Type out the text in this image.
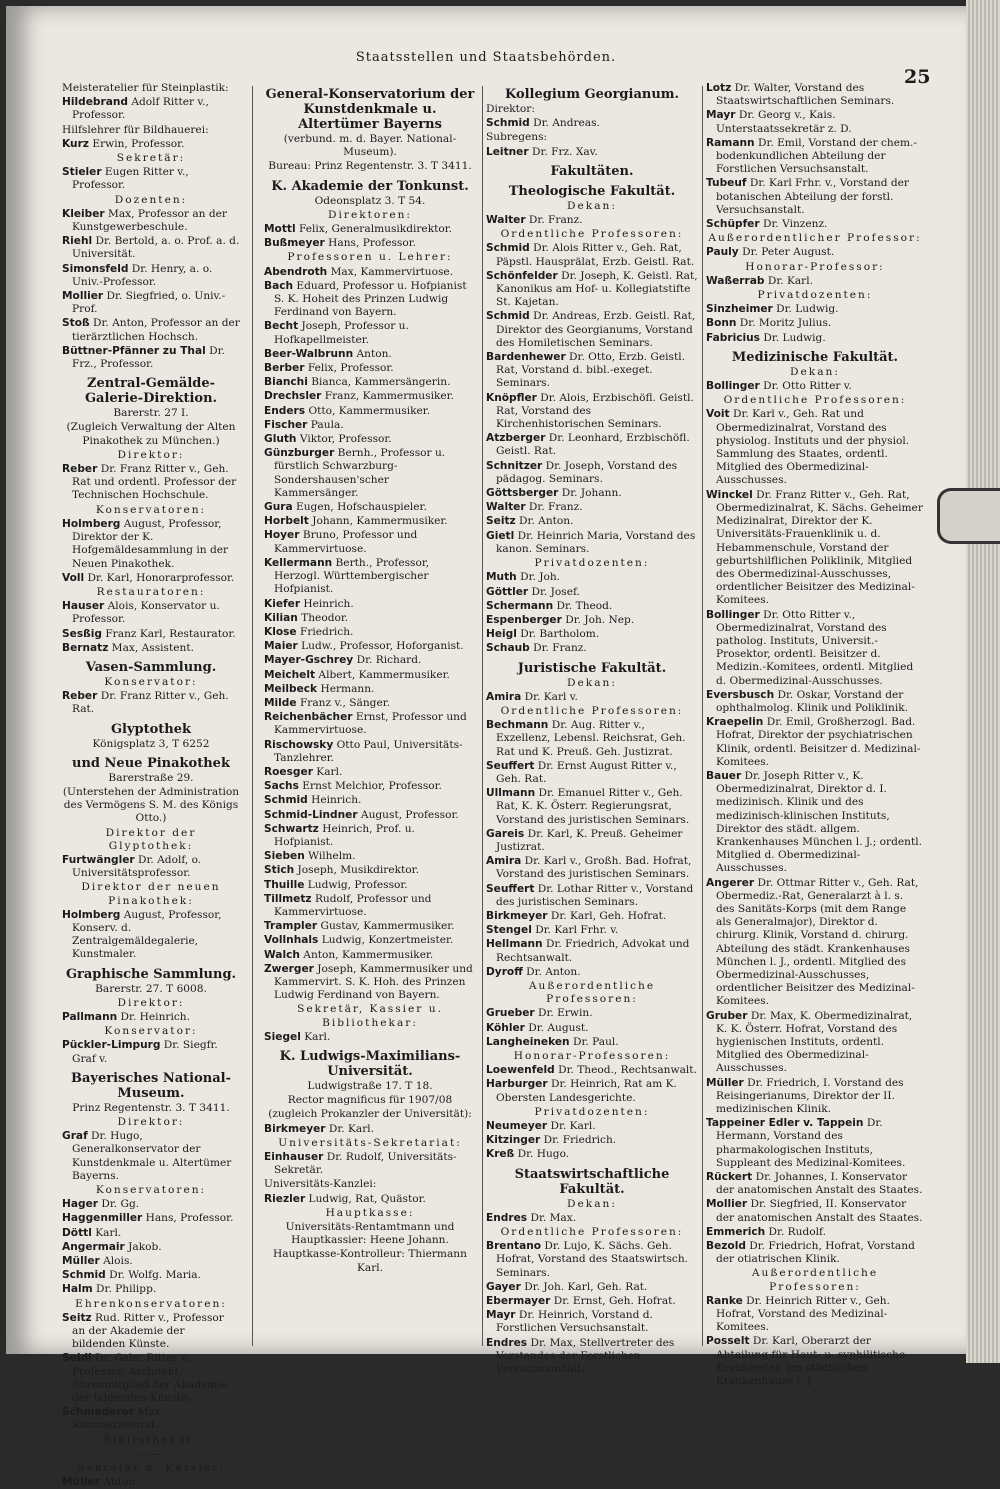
Staatsstellen und Staatsbehörden.
25
Meisteratelier für Steinplastik:
Hildebrand Adolf Ritter v., Professor.
Hilfslehrer für Bildhauerei:
Kurz Erwin, Professor.
Sekretär:
Stieler Eugen Ritter v., Professor.
Dozenten:
Kleiber Max, Professor an der Kunstgewerbeschule.
Riehl Dr. Bertold, a. o. Prof. a. d. Universität.
Simonsfeld Dr. Henry, a. o. Univ.-Professor.
Mollier Dr. Siegfried, o. Univ.-Prof.
Stoß Dr. Anton, Professor an der tierärztlichen Hochsch.
Büttner-Pfänner zu Thal Dr. Frz., Professor.
Zentral-Gemälde-Galerie-Direktion.
Barerstr. 27 I.
(Zugleich Verwaltung der Alten Pinakothek zu München.)
Direktor:
Reber Dr. Franz Ritter v., Geh. Rat und ordentl. Professor der Technischen Hochschule.
Konservatoren:
Holmberg August, Professor, Direktor der K. Hofgemäldesammlung in der Neuen Pinakothek.
Voll Dr. Karl, Honorarprofessor.
Restauratoren:
Hauser Alois, Konservator u. Professor.
Sesßig Franz Karl, Restaurator.
Bernatz Max, Assistent.
Vasen-Sammlung.
Konservator:
Reber Dr. Franz Ritter v., Geh. Rat.
Glyptothek
Königsplatz 3, T 6252
und Neue Pinakothek
Barerstraße 29.
(Unterstehen der Administration des Vermögens S. M. des Königs Otto.)
Direktor der Glyptothek:
Furtwängler Dr. Adolf, o. Universitätsprofessor.
Direktor der neuen Pinakothek:
Holmberg August, Professor, Konserv. d. Zentralgemäldegalerie, Kunstmaler.
Graphische Sammlung.
Barerstr. 27. T 6008.
Direktor:
Pallmann Dr. Heinrich.
Konservator:
Pückler-Limpurg Dr. Siegfr. Graf v.
Bayerisches National-Museum.
Prinz Regentenstr. 3. T 3411.
Direktor:
Graf Dr. Hugo, Generalkonservator der Kunstdenkmale u. Altertümer Bayerns.
Konservatoren:
Hager Dr. Gg.
Haggenmiller Hans, Professor.
Döttl Karl.
Angermair Jakob.
Müller Alois.
Schmid Dr. Wolfg. Maria.
Halm Dr. Philipp.
Ehrenkonservatoren:
Seitz Rud. Ritter v., Professor an der Akademie der bildenden Künste.
Seidl Dr. Gabr. Ritter v., Professor, Architekt, Ehrenmitglied der Akademie der bildenden Künste.
Schmederer Max, Kommerzienrat.
Bibliothekar:
— —
Sekretär u. Kassier:
Müller Anton.
General-Konservatorium der Kunstdenkmale u. Altertümer Bayerns
(verbund. m. d. Bayer. National-Museum).
Bureau: Prinz Regentenstr. 3. T 3411.
K. Akademie der Tonkunst.
Odeonsplatz 3. T 54.
Direktoren:
Mottl Felix, Generalmusikdirektor.
Bußmeyer Hans, Professor.
Professoren u. Lehrer:
Abendroth Max, Kammervirtuose.
Bach Eduard, Professor u. Hofpianist S. K. Hoheit des Prinzen Ludwig Ferdinand von Bayern.
Becht Joseph, Professor u. Hofkapellmeister.
Beer-Walbrunn Anton.
Berber Felix, Professor.
Bianchi Bianca, Kammersängerin.
Drechsler Franz, Kammermusiker.
Enders Otto, Kammermusiker.
Fischer Paula.
Gluth Viktor, Professor.
Günzburger Bernh., Professor u. fürstlich Schwarzburg-Sondershausen'scher Kammersänger.
Gura Eugen, Hofschauspieler.
Horbelt Johann, Kammermusiker.
Hoyer Bruno, Professor und Kammervirtuose.
Kellermann Berth., Professor, Herzogl. Württembergischer Hofpianist.
Kiefer Heinrich.
Kilian Theodor.
Klose Friedrich.
Maier Ludw., Professor, Hoforganist.
Mayer-Gschrey Dr. Richard.
Meichelt Albert, Kammermusiker.
Meilbeck Hermann.
Milde Franz v., Sänger.
Reichenbächer Ernst, Professor und Kammervirtuose.
Rischowsky Otto Paul, Universitäts-Tanzlehrer.
Roesger Karl.
Sachs Ernst Melchior, Professor.
Schmid Heinrich.
Schmid-Lindner August, Professor.
Schwartz Heinrich, Prof. u. Hofpianist.
Sieben Wilhelm.
Stich Joseph, Musikdirektor.
Thuille Ludwig, Professor.
Tillmetz Rudolf, Professor und Kammervirtuose.
Trampler Gustav, Kammermusiker.
Vollnhals Ludwig, Konzertmeister.
Walch Anton, Kammermusiker.
Zwerger Joseph, Kammermusiker und Kammervirt. S. K. Hoh. des Prinzen Ludwig Ferdinand von Bayern.
Sekretär, Kassier u. Bibliothekar:
Siegel Karl.
K. Ludwigs-Maximilians-Universität.
Ludwigstraße 17. T 18.
Rector magnificus für 1907/08
(zugleich Prokanzler der Universität):
Birkmeyer Dr. Karl.
Universitäts-Sekretariat:
Einhauser Dr. Rudolf, Universitäts-Sekretär.
Universitäts-Kanzlei:
Riezler Ludwig, Rat, Quästor.
Hauptkasse:
Universitäts-Rentamtmann und Hauptkassier: Heene Johann.
Hauptkasse-Kontrolleur: Thiermann Karl.
Kollegium Georgianum.
Direktor:
Schmid Dr. Andreas.
Subregens:
Leitner Dr. Frz. Xav.
Fakultäten.
Theologische Fakultät.
Dekan:
Walter Dr. Franz.
Ordentliche Professoren:
Schmid Dr. Alois Ritter v., Geh. Rat, Päpstl. Hausprälat, Erzb. Geistl. Rat.
Schönfelder Dr. Joseph, K. Geistl. Rat, Kanonikus am Hof- u. Kollegiatstifte St. Kajetan.
Schmid Dr. Andreas, Erzb. Geistl. Rat, Direktor des Georgianums, Vorstand des Homiletischen Seminars.
Bardenhewer Dr. Otto, Erzb. Geistl. Rat, Vorstand d. bibl.-exeget. Seminars.
Knöpfler Dr. Alois, Erzbischöfl. Geistl. Rat, Vorstand des Kirchenhistorischen Seminars.
Atzberger Dr. Leonhard, Erzbischöfl. Geistl. Rat.
Schnitzer Dr. Joseph, Vorstand des pädagog. Seminars.
Göttsberger Dr. Johann.
Walter Dr. Franz.
Seitz Dr. Anton.
Gietl Dr. Heinrich Maria, Vorstand des kanon. Seminars.
Privatdozenten:
Muth Dr. Joh.
Göttler Dr. Josef.
Schermann Dr. Theod.
Espenberger Dr. Joh. Nep.
Heigl Dr. Bartholom.
Schaub Dr. Franz.
Juristische Fakultät.
Dekan:
Amira Dr. Karl v.
Ordentliche Professoren:
Bechmann Dr. Aug. Ritter v., Exzellenz, Lebensl. Reichsrat, Geh. Rat und K. Preuß. Geh. Justizrat.
Seuffert Dr. Ernst August Ritter v., Geh. Rat.
Ullmann Dr. Emanuel Ritter v., Geh. Rat, K. K. Österr. Regierungsrat, Vorstand des juristischen Seminars.
Gareis Dr. Karl, K. Preuß. Geheimer Justizrat.
Amira Dr. Karl v., Großh. Bad. Hofrat, Vorstand des juristischen Seminars.
Seuffert Dr. Lothar Ritter v., Vorstand des juristischen Seminars.
Birkmeyer Dr. Karl, Geh. Hofrat.
Stengel Dr. Karl Frhr. v.
Hellmann Dr. Friedrich, Advokat und Rechtsanwalt.
Dyroff Dr. Anton.
Außerordentliche Professoren:
Grueber Dr. Erwin.
Köhler Dr. August.
Langheineken Dr. Paul.
Honorar-Professoren:
Loewenfeld Dr. Theod., Rechtsanwalt.
Harburger Dr. Heinrich, Rat am K. Obersten Landesgerichte.
Privatdozenten:
Neumeyer Dr. Karl.
Kitzinger Dr. Friedrich.
Kreß Dr. Hugo.
Staatswirtschaftliche Fakultät.
Dekan:
Endres Dr. Max.
Ordentliche Professoren:
Brentano Dr. Lujo, K. Sächs. Geh. Hofrat, Vorstand des Staatswirtsch. Seminars.
Gayer Dr. Joh. Karl, Geh. Rat.
Ebermayer Dr. Ernst, Geh. Hofrat.
Mayr Dr. Heinrich, Vorstand d. Forstlichen Versuchsanstalt.
Endres Dr. Max, Stellvertreter des Vorstandes der Forstlichen Versuchsanstalt.
Lotz Dr. Walter, Vorstand des Staatswirtschaftlichen Seminars.
Mayr Dr. Georg v., Kais. Unterstaatssekretär z. D.
Ramann Dr. Emil, Vorstand der chem.-bodenkundlichen Abteilung der Forstlichen Versuchsanstalt.
Tubeuf Dr. Karl Frhr. v., Vorstand der botanischen Abteilung der forstl. Versuchsanstalt.
Schüpfer Dr. Vinzenz.
Außerordentlicher Professor:
Pauly Dr. Peter August.
Honorar-Professor:
Waßerrab Dr. Karl.
Privatdozenten:
Sinzheimer Dr. Ludwig.
Bonn Dr. Moritz Julius.
Fabricius Dr. Ludwig.
Medizinische Fakultät.
Dekan:
Bollinger Dr. Otto Ritter v.
Ordentliche Professoren:
Voit Dr. Karl v., Geh. Rat und Obermedizinalrat, Vorstand des physiolog. Instituts und der physiol. Sammlung des Staates, ordentl. Mitglied des Obermedizinal-Ausschusses.
Winckel Dr. Franz Ritter v., Geh. Rat, Obermedizinalrat, K. Sächs. Geheimer Medizinalrat, Direktor der K. Universitäts-Frauenklinik u. d. Hebammenschule, Vorstand der geburtshilflichen Poliklinik, Mitglied des Obermedizinal-Ausschusses, ordentlicher Beisitzer des Medizinal-Komitees.
Bollinger Dr. Otto Ritter v., Obermedizinalrat, Vorstand des patholog. Instituts, Universit.-Prosektor, ordentl. Beisitzer d. Medizin.-Komitees, ordentl. Mitglied d. Obermedizinal-Ausschusses.
Eversbusch Dr. Oskar, Vorstand der ophthalmolog. Klinik und Poliklinik.
Kraepelin Dr. Emil, Großherzogl. Bad. Hofrat, Direktor der psychiatrischen Klinik, ordentl. Beisitzer d. Medizinal-Komitees.
Bauer Dr. Joseph Ritter v., K. Obermedizinalrat, Direktor d. I. medizinisch. Klinik und des medizinisch-klinischen Instituts, Direktor des städt. allgem. Krankenhauses München l. J.; ordentl. Mitglied d. Obermedizinal-Ausschusses.
Angerer Dr. Ottmar Ritter v., Geh. Rat, Obermediz.-Rat, Generalarzt à l. s. des Sanitäts-Korps (mit dem Range als Generalmajor), Direktor d. chirurg. Klinik, Vorstand d. chirurg. Abteilung des städt. Krankenhauses München l. J., ordentl. Mitglied des Obermedizinal-Ausschusses, ordentlicher Beisitzer des Medizinal-Komitees.
Gruber Dr. Max, K. Obermedizinalrat, K. K. Österr. Hofrat, Vorstand des hygienischen Instituts, ordentl. Mitglied des Obermedizinal-Ausschusses.
Müller Dr. Friedrich, I. Vorstand des Reisingerianums, Direktor der II. medizinischen Klinik.
Tappeiner Edler v. Tappein Dr. Hermann, Vorstand des pharmakologischen Instituts, Suppleant des Medizinal-Komitees.
Rückert Dr. Johannes, I. Konservator der anatomischen Anstalt des Staates.
Mollier Dr. Siegfried, II. Konservator der anatomischen Anstalt des Staates.
Emmerich Dr. Rudolf.
Bezold Dr. Friedrich, Hofrat, Vorstand der otiatrischen Klinik.
Außerordentliche Professoren:
Ranke Dr. Heinrich Ritter v., Geh. Hofrat, Vorstand des Medizinal-Komitees.
Posselt Dr. Karl, Oberarzt der Abteilung für Haut- u. syphilitische Krankheiten am städtischen Krankenhause l. J.
